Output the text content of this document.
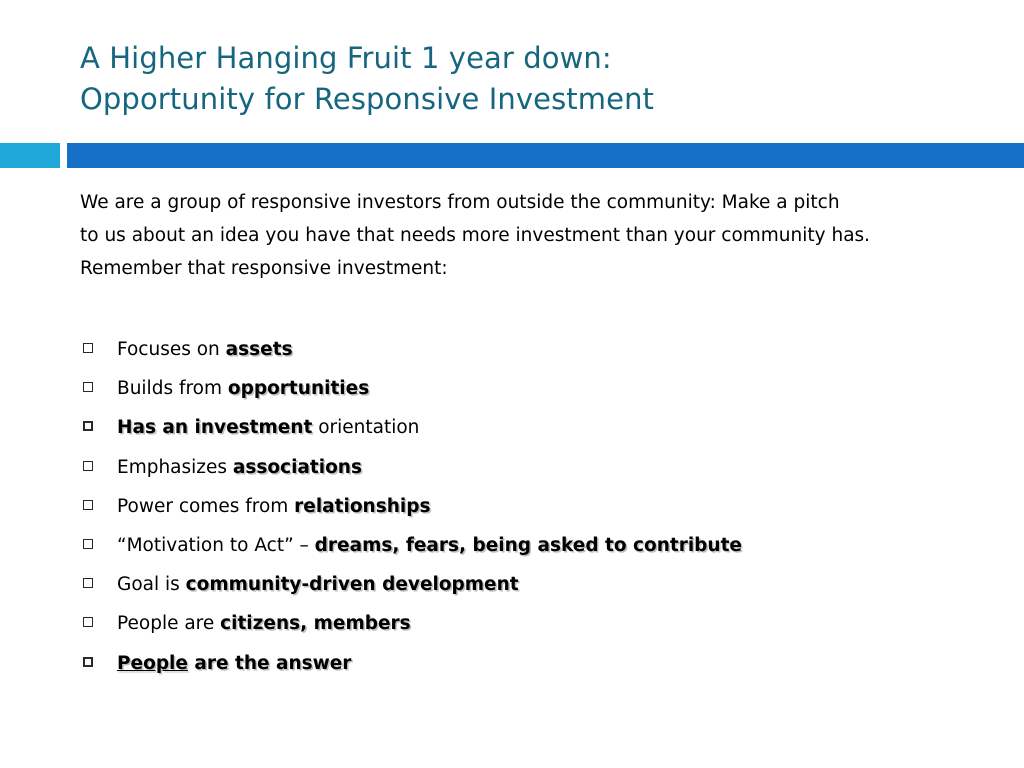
A Higher Hanging Fruit 1 year down:
Opportunity for Responsive Investment
We are a group of responsive investors from outside the community: Make a pitch
to us about an idea you have that needs more investment than your community has.
Remember that responsive investment:
Focuses on assets
Builds from opportunities
Has an investment orientation
Emphasizes associations
Power comes from relationships
“Motivation to Act” – dreams, fears, being asked to contribute
Goal is community-driven development
People are citizens, members
People are the answer
